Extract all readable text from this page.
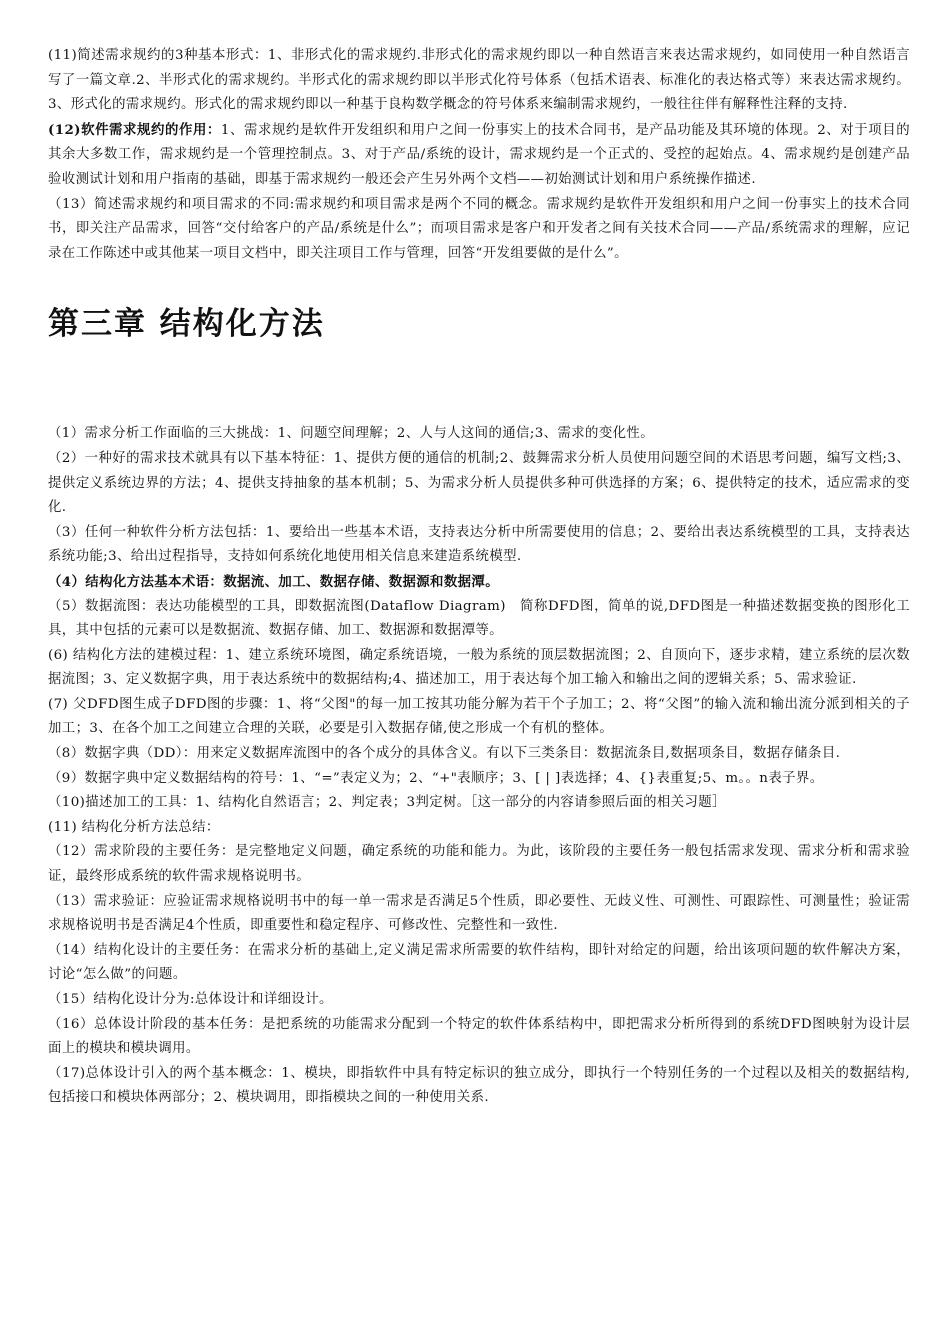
(11)简述需求规约的3种基本形式：1、非形式化的需求规约.非形式化的需求规约即以一种自然语言来表达需求规约，如同使用一种自然语言写了一篇文章.2、半形式化的需求规约。半形式化的需求规约即以半形式化符号体系（包括术语表、标准化的表达格式等）来表达需求规约。3、形式化的需求规约。形式化的需求规约即以一种基于良构数学概念的符号体系来编制需求规约，一般往往伴有解释性注释的支持.

(12)软件需求规约的作用：1、需求规约是软件开发组织和用户之间一份事实上的技术合同书，是产品功能及其环境的体现。2、对于项目的其余大多数工作，需求规约是一个管理控制点。3、对于产品/系统的设计，需求规约是一个正式的、受控的起始点。4、需求规约是创建产品验收测试计划和用户指南的基础，即基于需求规约一般还会产生另外两个文档——初始测试计划和用户系统操作描述.

（13）简述需求规约和项目需求的不同:需求规约和项目需求是两个不同的概念。需求规约是软件开发组织和用户之间一份事实上的技术合同书，即关注产品需求，回答“交付给客户的产品/系统是什么”；而项目需求是客户和开发者之间有关技术合同——产品/系统需求的理解，应记录在工作陈述中或其他某一项目文档中，即关注项目工作与管理，回答“开发组要做的是什么”。

第三章 结构化方法

（1）需求分析工作面临的三大挑战：1、问题空间理解；2、人与人这间的通信;3、需求的变化性。

（2）一种好的需求技术就具有以下基本特征：1、提供方便的通信的机制;2、鼓舞需求分析人员使用问题空间的术语思考问题，编写文档;3、提供定义系统边界的方法；4、提供支持抽象的基本机制；5、为需求分析人员提供多种可供选择的方案；6、提供特定的技术，适应需求的变化.

（3）任何一种软件分析方法包括：1、要给出一些基本术语，支持表达分析中所需要使用的信息；2、要给出表达系统模型的工具，支持表达系统功能;3、给出过程指导，支持如何系统化地使用相关信息来建造系统模型.

（4）结构化方法基本术语：数据流、加工、数据存储、数据源和数据潭。

（5）数据流图：表达功能模型的工具，即数据流图(Dataflow Diagram)　简称DFD图，简单的说,DFD图是一种描述数据变换的图形化工具，其中包括的元素可以是数据流、数据存储、加工、数据源和数据潭等。

(6) 结构化方法的建模过程：1、建立系统环境图，确定系统语境，一般为系统的顶层数据流图；2、自顶向下，逐步求精，建立系统的层次数据流图；3、定义数据字典，用于表达系统中的数据结构;4、描述加工，用于表达每个加工输入和输出之间的逻辑关系；5、需求验证.

(7) 父DFD图生成子DFD图的步骤：1、将“父图"的每一加工按其功能分解为若干个子加工；2、将“父图”的输入流和输出流分派到相关的子加工；3、在各个加工之间建立合理的关联，必要是引入数据存储,使之形成一个有机的整体。

（8）数据字典（DD）：用来定义数据库流图中的各个成分的具体含义。有以下三类条目：数据流条目,数据项条目，数据存储条目.

（9）数据字典中定义数据结构的符号：1、“=”表定义为；2、“+"表顺序；3、[ | ]表选择；4、{}表重复;5、m。。n表子界。

（10)描述加工的工具：1、结构化自然语言；2、判定表；3判定树。［这一部分的内容请参照后面的相关习题］

(11) 结构化分析方法总结：

（12）需求阶段的主要任务：是完整地定义问题，确定系统的功能和能力。为此，该阶段的主要任务一般包括需求发现、需求分析和需求验证，最终形成系统的软件需求规格说明书。

（13）需求验证：应验证需求规格说明书中的每一单一需求是否满足5个性质，即必要性、无歧义性、可测性、可跟踪性、可测量性；验证需求规格说明书是否满足4个性质，即重要性和稳定程序、可修改性、完整性和一致性.

（14）结构化设计的主要任务：在需求分析的基础上,定义满足需求所需要的软件结构，即针对给定的问题，给出该项问题的软件解决方案，讨论“怎么做”的问题。

（15）结构化设计分为:总体设计和详细设计。

（16）总体设计阶段的基本任务：是把系统的功能需求分配到一个特定的软件体系结构中，即把需求分析所得到的系统DFD图映射为设计层面上的模块和模块调用。

（17)总体设计引入的两个基本概念：1、模块，即指软件中具有特定标识的独立成分，即执行一个特别任务的一个过程以及相关的数据结构,包括接口和模块体两部分；2、模块调用，即指模块之间的一种使用关系.
